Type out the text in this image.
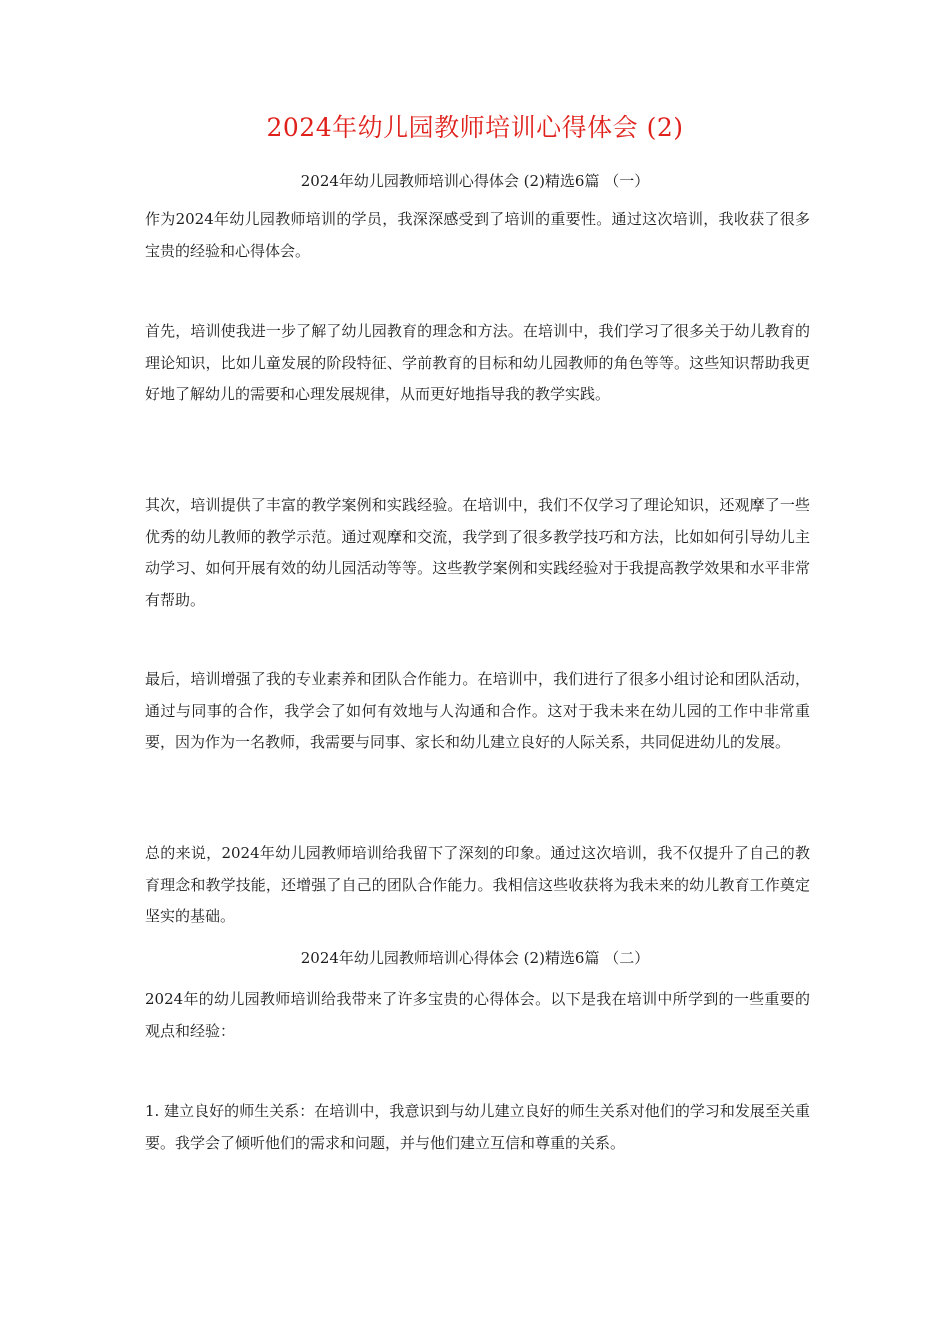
2024年幼儿园教师培训心得体会 (2)
2024年幼儿园教师培训心得体会 (2)精选6篇 （一）

作为2024年幼儿园教师培训的学员，我深深感受到了培训的重要性。通过这次培训，我收获了很多宝贵的经验和心得体会。

首先，培训使我进一步了解了幼儿园教育的理念和方法。在培训中，我们学习了很多关于幼儿教育的理论知识，比如儿童发展的阶段特征、学前教育的目标和幼儿园教师的角色等等。这些知识帮助我更好地了解幼儿的需要和心理发展规律，从而更好地指导我的教学实践。

其次，培训提供了丰富的教学案例和实践经验。在培训中，我们不仅学习了理论知识，还观摩了一些优秀的幼儿教师的教学示范。通过观摩和交流，我学到了很多教学技巧和方法，比如如何引导幼儿主动学习、如何开展有效的幼儿园活动等等。这些教学案例和实践经验对于我提高教学效果和水平非常有帮助。

最后，培训增强了我的专业素养和团队合作能力。在培训中，我们进行了很多小组讨论和团队活动，通过与同事的合作，我学会了如何有效地与人沟通和合作。这对于我未来在幼儿园的工作中非常重要，因为作为一名教师，我需要与同事、家长和幼儿建立良好的人际关系，共同促进幼儿的发展。

总的来说，2024年幼儿园教师培训给我留下了深刻的印象。通过这次培训，我不仅提升了自己的教育理念和教学技能，还增强了自己的团队合作能力。我相信这些收获将为我未来的幼儿教育工作奠定坚实的基础。

2024年幼儿园教师培训心得体会 (2)精选6篇 （二）

2024年的幼儿园教师培训给我带来了许多宝贵的心得体会。以下是我在培训中所学到的一些重要的观点和经验：

1. 建立良好的师生关系：在培训中，我意识到与幼儿建立良好的师生关系对他们的学习和发展至关重要。我学会了倾听他们的需求和问题，并与他们建立互信和尊重的关系。
